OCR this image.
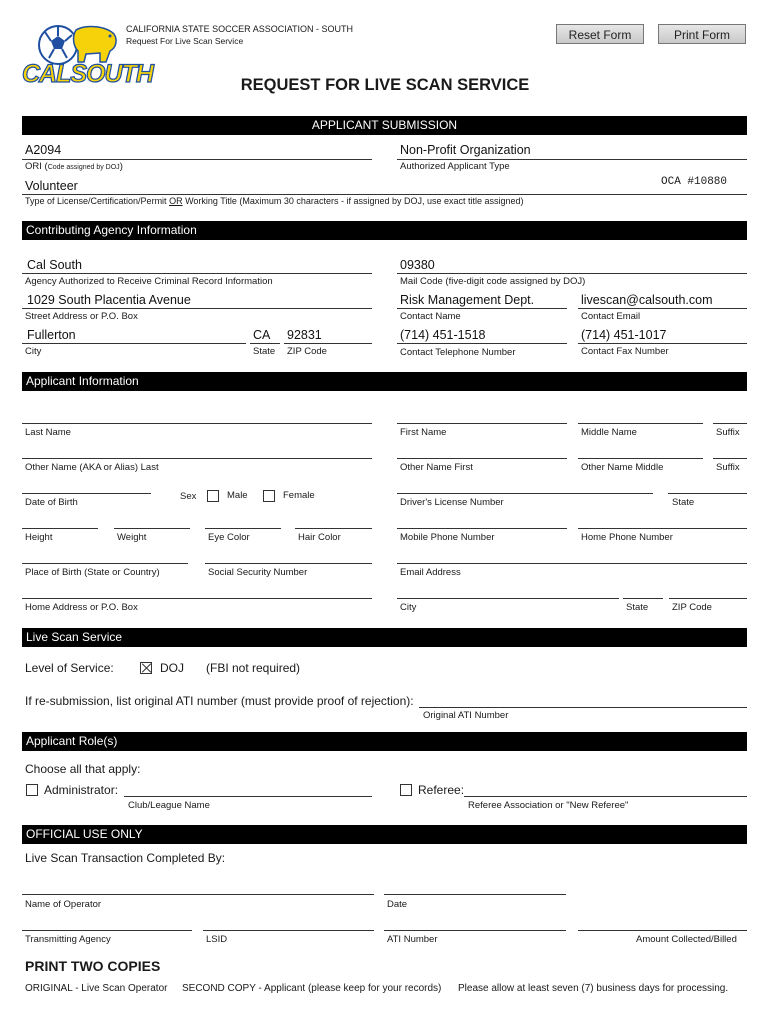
CALSOUTH
CALIFORNIA STATE SOCCER ASSOCIATION - SOUTH
Request For Live Scan Service	Reset Form	Print Form
REQUEST FOR LIVE SCAN SERVICE
APPLICANT SUBMISSION
A2094
ORI (Code assigned by DOJ)
Non-Profit Organization
Authorized Applicant Type
Volunteer	OCA #10880
Type of License/Certification/Permit OR Working Title (Maximum 30 characters - if assigned by DOJ, use exact title assigned)
Contributing Agency Information
Cal South
Agency Authorized to Receive Criminal Record Information
09380
Mail Code (five-digit code assigned by DOJ)
1029 South Placentia Avenue
Street Address or P.O. Box
Risk Management Dept.
Contact Name
livescan@calsouth.com
Contact Email
Fullerton
City
CA
State
92831
ZIP Code
(714) 451-1518
Contact Telephone Number
(714) 451-1017
Contact Fax Number
Applicant Information
Last Name	First Name	Middle Name	Suffix
Other Name (AKA or Alias) Last	Other Name First	Other Name Middle	Suffix
Date of Birth
Sex	Male	Female
Driver's License Number	State
Height	Weight	Eye Color	Hair Color	Mobile Phone Number	Home Phone Number
Place of Birth (State or Country)	Social Security Number	Email Address
Home Address or P.O. Box	City	State	ZIP Code
Live Scan Service
Level of Service:	DOJ (FBI not required)
If re-submission, list original ATI number (must provide proof of rejection):
Original ATI Number
Applicant Role(s)
Choose all that apply:
Administrator:
Club/League Name
Referee:
Referee Association or "New Referee"
OFFICIAL USE ONLY
Live Scan Transaction Completed By:
Name of Operator	Date
Transmitting Agency	LSID	ATI Number	Amount Collected/Billed
PRINT TWO COPIES
ORIGINAL - Live Scan Operator SECOND COPY - Applicant (please keep for your records) Please allow at least seven (7) business days for processing.
